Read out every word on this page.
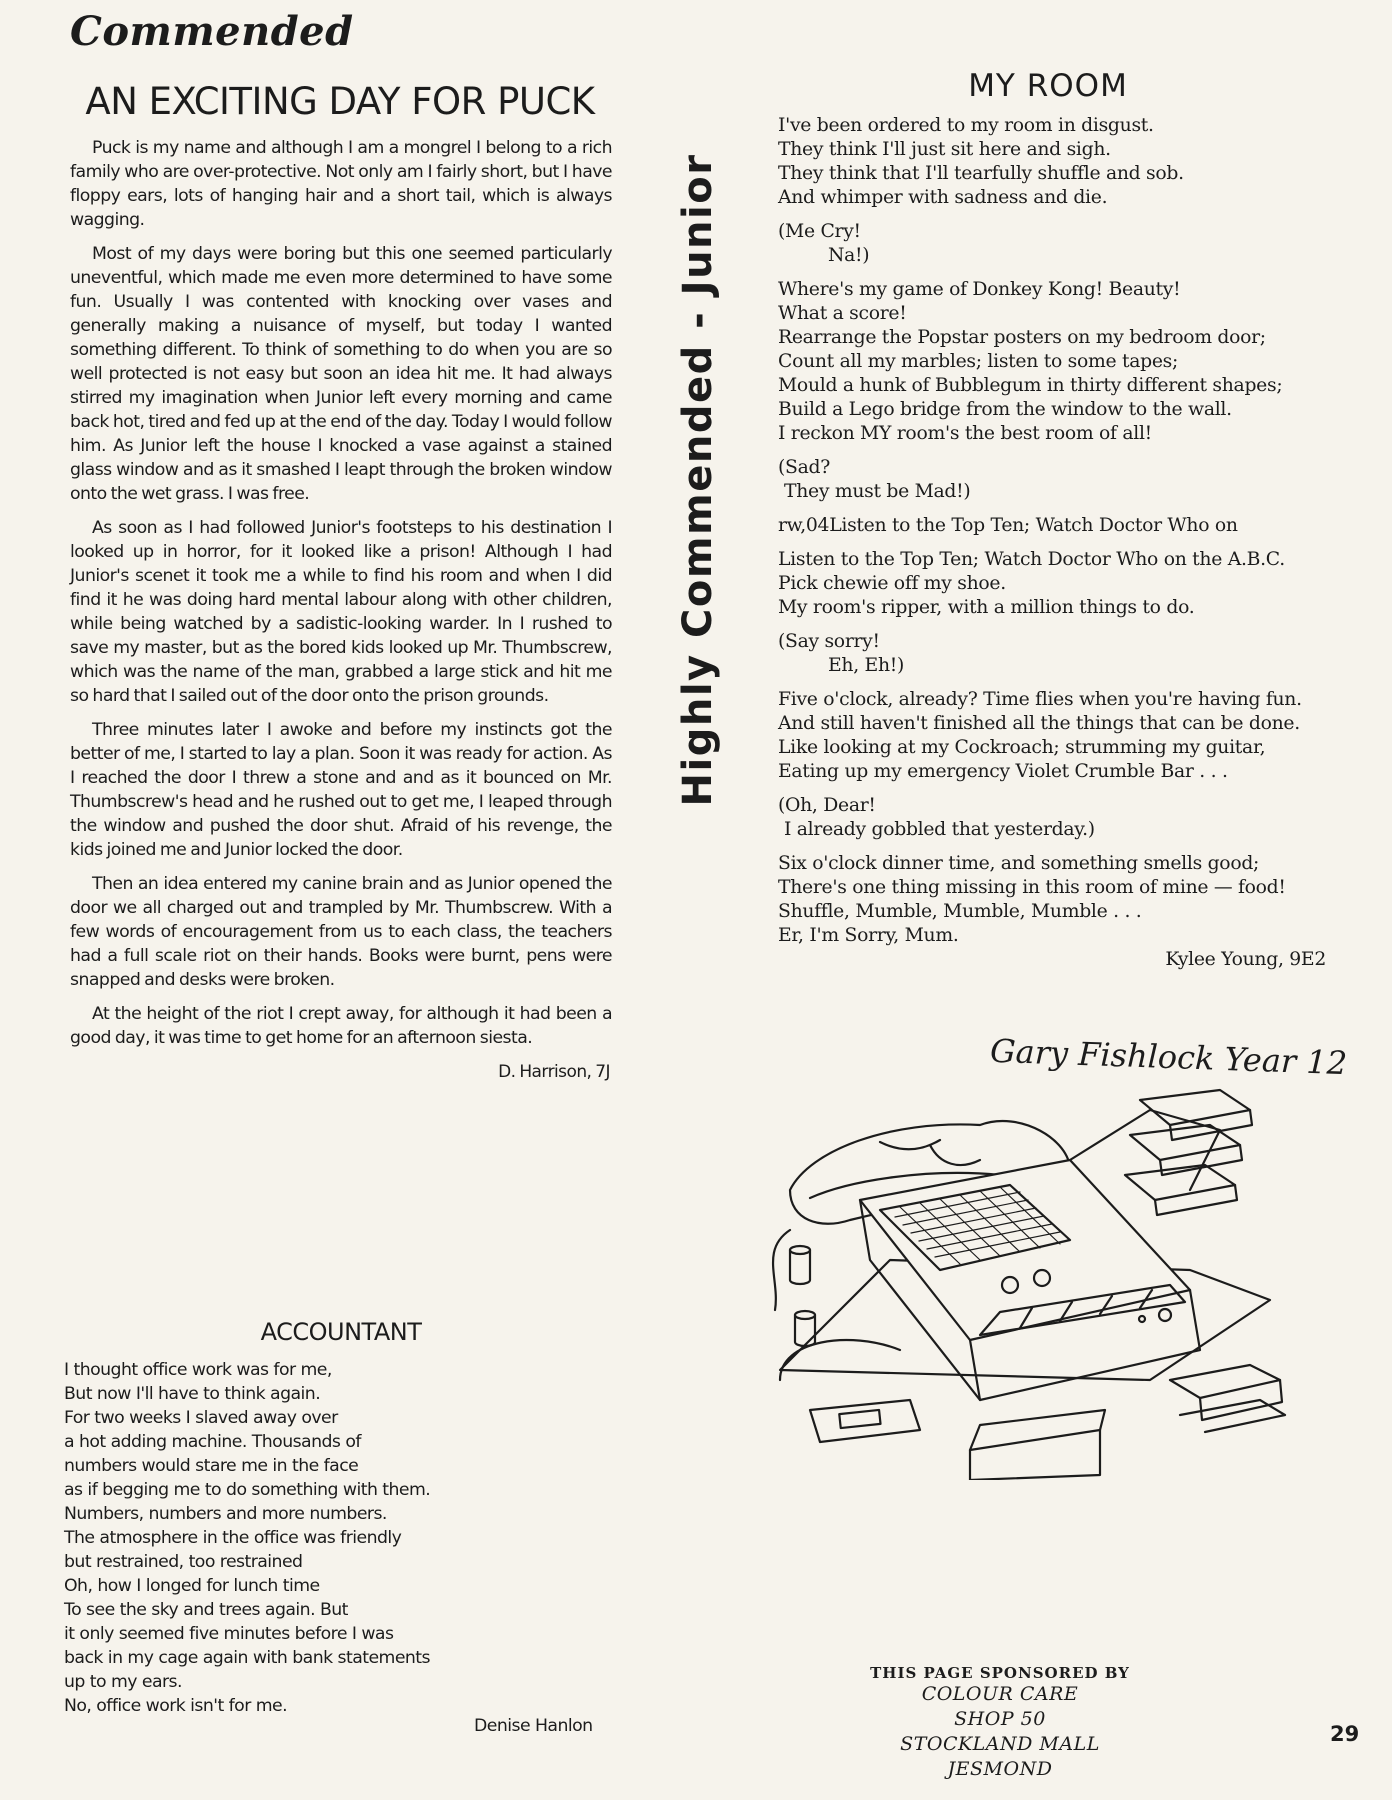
Commended
AN EXCITING DAY FOR PUCK

Puck is my name and although I am a mongrel I belong to a rich family who are over-protective. Not only am I fairly short, but I have floppy ears, lots of hanging hair and a short tail, which is always wagging.

Most of my days were boring but this one seemed particularly uneventful, which made me even more determined to have some fun. Usually I was contented with knocking over vases and generally making a nuisance of myself, but today I wanted something different. To think of something to do when you are so well protected is not easy but soon an idea hit me. It had always stirred my imagination when Junior left every morning and came back hot, tired and fed up at the end of the day. Today I would follow him. As Junior left the house I knocked a vase against a stained glass window and as it smashed I leapt through the broken window onto the wet grass. I was free.

As soon as I had followed Junior's footsteps to his destination I looked up in horror, for it looked like a prison! Although I had Junior's scenet it took me a while to find his room and when I did find it he was doing hard mental labour along with other children, while being watched by a sadistic-looking warder. In I rushed to save my master, but as the bored kids looked up Mr. Thumbscrew, which was the name of the man, grabbed a large stick and hit me so hard that I sailed out of the door onto the prison grounds.

Three minutes later I awoke and before my instincts got the better of me, I started to lay a plan. Soon it was ready for action. As I reached the door I threw a stone and and as it bounced on Mr. Thumbscrew's head and he rushed out to get me, I leaped through the window and pushed the door shut. Afraid of his revenge, the kids joined me and Junior locked the door.

Then an idea entered my canine brain and as Junior opened the door we all charged out and trampled by Mr. Thumbscrew. With a few words of encouragement from us to each class, the teachers had a full scale riot on their hands. Books were burnt, pens were snapped and desks were broken.

At the height of the riot I crept away, for although it had been a good day, it was time to get home for an afternoon siesta.

D. Harrison, 7J
ACCOUNTANT
I thought office work was for me,
But now I'll have to think again.
For two weeks I slaved away over
a hot adding machine. Thousands of
numbers would stare me in the face
as if begging me to do something with them.
Numbers, numbers and more numbers.
The atmosphere in the office was friendly
but restrained, too restrained
Oh, how I longed for lunch time
To see the sky and trees again. But
it only seemed five minutes before I was
back in my cage again with bank statements
up to my ears.
No, office work isn't for me.
Denise Hanlon
Highly Commended - Junior
MY ROOM
I've been ordered to my room in disgust.
They think I'll just sit here and sigh.
They think that I'll tearfully shuffle and sob.
And whimper with sadness and die.
(Me Cry!
Na!)
Where's my game of Donkey Kong! Beauty!
What a score!
Rearrange the Popstar posters on my bedroom door;
Count all my marbles; listen to some tapes;
Mould a hunk of Bubblegum in thirty different shapes;
Build a Lego bridge from the window to the wall.
I reckon MY room's the best room of all!
(Sad?
They must be Mad!)
rw,04Listen to the Top Ten; Watch Doctor Who on
Listen to the Top Ten; Watch Doctor Who on the A.B.C.
Pick chewie off my shoe.
My room's ripper, with a million things to do.
(Say sorry!
Eh, Eh!)
Five o'clock, already? Time flies when you're having fun.
And still haven't finished all the things that can be done.
Like looking at my Cockroach; strumming my guitar,
Eating up my emergency Violet Crumble Bar . . .
(Oh, Dear!
I already gobbled that yesterday.)
Six o'clock dinner time, and something smells good;
There's one thing missing in this room of mine — food!
Shuffle, Mumble, Mumble, Mumble . . .
Er, I'm Sorry, Mum.
Kylee Young, 9E2
Gary Fishlock Year 12
THIS PAGE SPONSORED BY
COLOUR CARE
SHOP 50
STOCKLAND MALL
JESMOND
29
